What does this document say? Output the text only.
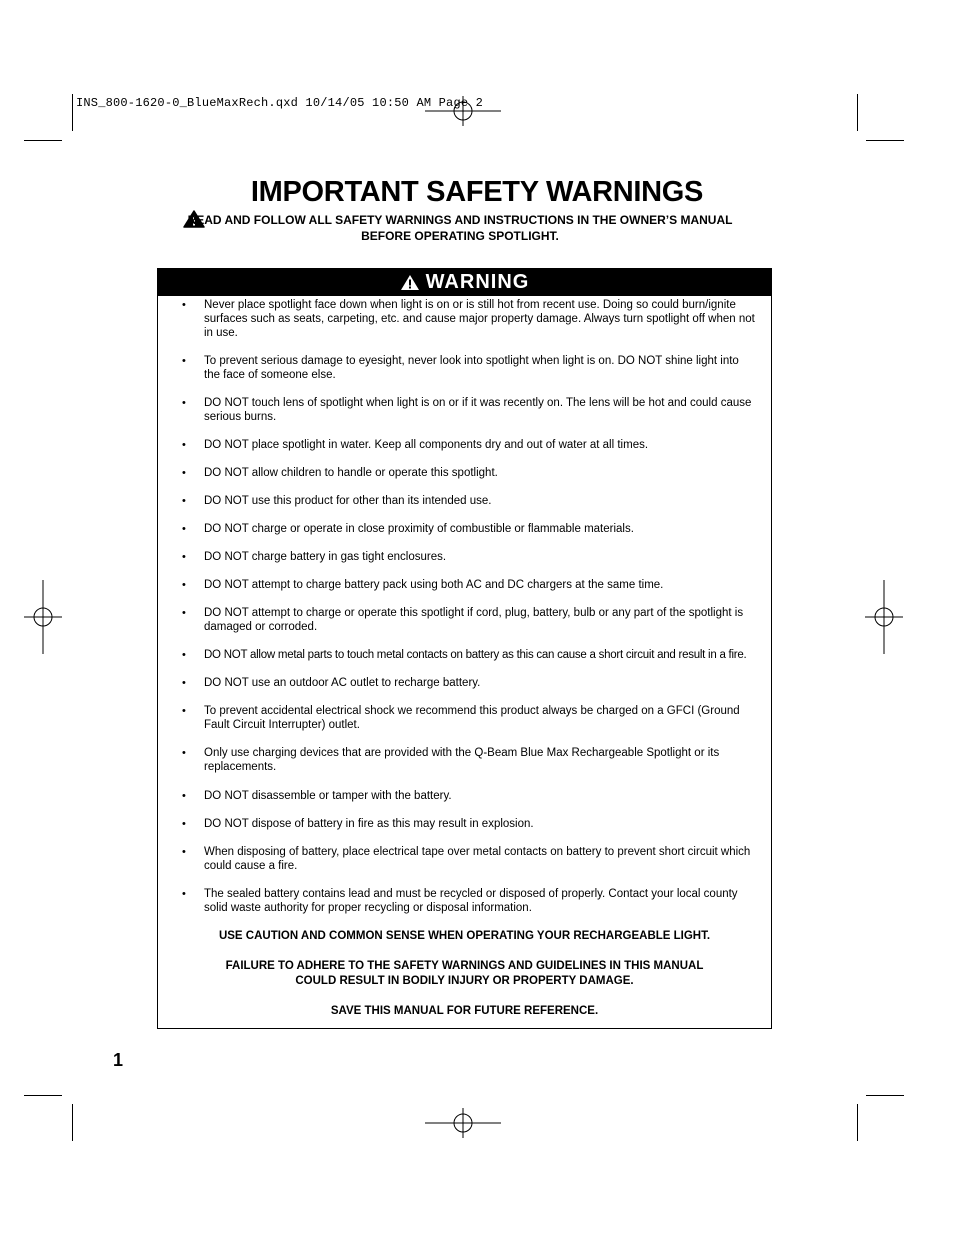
INS_800-1620-0_BlueMaxRech.qxd 10/14/05 10:50 AM Page 2
IMPORTANT SAFETY WARNINGS
READ AND FOLLOW ALL SAFETY WARNINGS AND INSTRUCTIONS IN THE OWNER’S MANUAL
BEFORE OPERATING SPOTLIGHT.
WARNING
• Never place spotlight face down when light is on or is still hot from recent use. Doing so could burn/ignite surfaces such as seats, carpeting, etc. and cause major property damage. Always turn spotlight off when not in use.
• To prevent serious damage to eyesight, never look into spotlight when light is on. DO NOT shine light into the face of someone else.
• DO NOT touch lens of spotlight when light is on or if it was recently on. The lens will be hot and could cause serious burns.
• DO NOT place spotlight in water. Keep all components dry and out of water at all times.
• DO NOT allow children to handle or operate this spotlight.
• DO NOT use this product for other than its intended use.
• DO NOT charge or operate in close proximity of combustible or flammable materials.
• DO NOT charge battery in gas tight enclosures.
• DO NOT attempt to charge battery pack using both AC and DC chargers at the same time.
• DO NOT attempt to charge or operate this spotlight if cord, plug, battery, bulb or any part of the spotlight is damaged or corroded.
• DO NOT allow metal parts to touch metal contacts on battery as this can cause a short circuit and result in a fire.
• DO NOT use an outdoor AC outlet to recharge battery.
• To prevent accidental electrical shock we recommend this product always be charged on a GFCI (Ground Fault Circuit Interrupter) outlet.
• Only use charging devices that are provided with the Q-Beam Blue Max Rechargeable Spotlight or its replacements.
• DO NOT disassemble or tamper with the battery.
• DO NOT dispose of battery in fire as this may result in explosion.
• When disposing of battery, place electrical tape over metal contacts on battery to prevent short circuit which could cause a fire.
• The sealed battery contains lead and must be recycled or disposed of properly. Contact your local county solid waste authority for proper recycling or disposal information.
USE CAUTION AND COMMON SENSE WHEN OPERATING YOUR RECHARGEABLE LIGHT.
FAILURE TO ADHERE TO THE SAFETY WARNINGS AND GUIDELINES IN THIS MANUAL
COULD RESULT IN BODILY INJURY OR PROPERTY DAMAGE.
SAVE THIS MANUAL FOR FUTURE REFERENCE.
1
